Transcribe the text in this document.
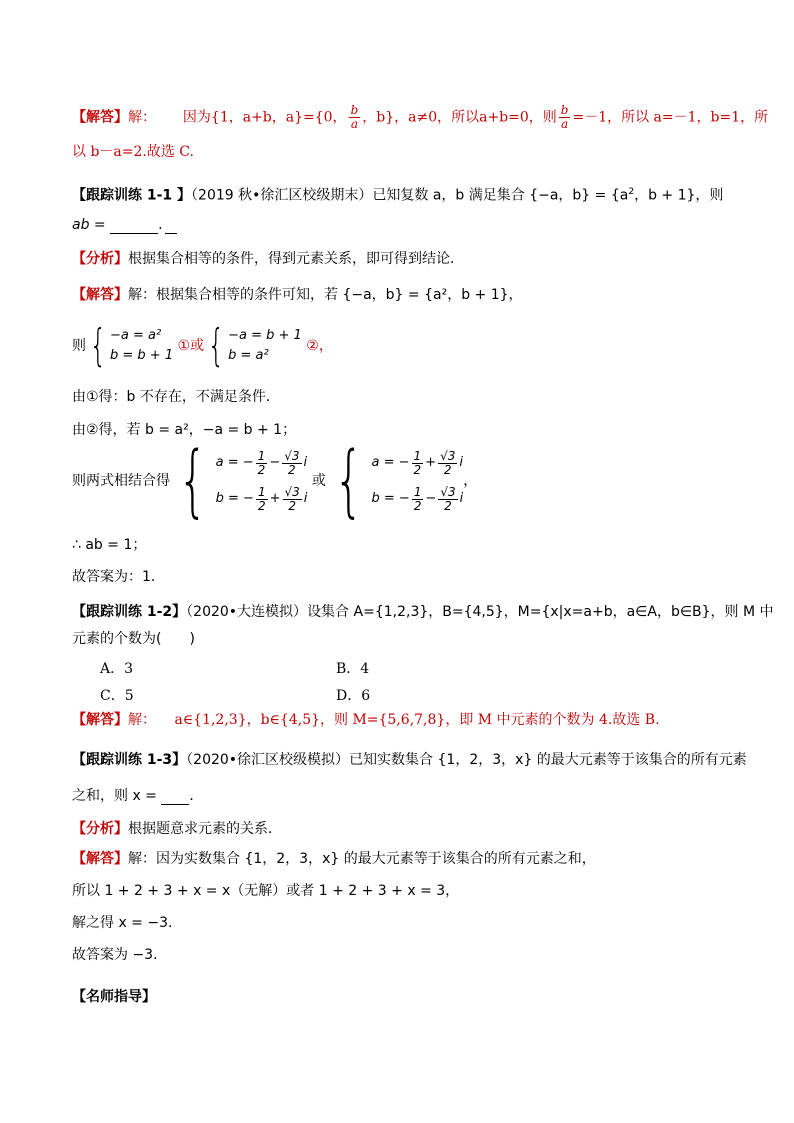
【解答】解： 因为{1，a+b，a}={0， $\frac{b}{a}$ ，b}，a≠0，所以a+b=0，则 $\frac{b}{a} =-1$，所以 a=－1，b=1，所
以 b－a=2.故选 C.
【跟踪训练 1-1 】（2019 秋•徐汇区校级期末）已知复数 a，b 满足集合 {−a，$b\} = \{a^2$，b + 1}，则
ab =	.
【分析】根据集合相等的条件，得到元素关系，即可得到结论．
【解答】解：根据集合相等的条件可知，若 {−a，b} = {a²，b + 1}，
则{ −a = a²
b = b + 1
①或{ −a = b + 1
b = a²
②，
由①得：b 不存在，不满足条件．
由②得，若 b = a²，−a = b + 1；
则两式相结合得 { a = − $\frac{1}{2} - \frac{√3}{2}$ i
b = − $\frac{1}{2} + \frac{√3}{2}$ i
或 { a = − $\frac{1}{2} + \frac{√3}{2}$ i
b = − $\frac{1}{2} - \frac{√3}{2}$ i
，
∴ ab = 1；
故答案为：1．
【跟踪训练 1-2】（2020•大连模拟）设集合 A={1,2,3}，B={4,5}，M={x|x=a+b，a∈A，b∈B}，则 M 中
元素的个数为(　　)
A．3	B．4
C．5	D．6
【解答】解： a∈{1,2,3}，b∈{4,5}，则 M={5,6,7,8}，即 M 中元素的个数为 4.故选 B.
【跟踪训练 1-3】（2020•徐汇区校级模拟）已知实数集合 {1，2，3，x} 的最大元素等于该集合的所有元素
之和，则 x = ．
【分析】根据题意求元素的关系．
【解答】解：因为实数集合 {1，2，3，x} 的最大元素等于该集合的所有元素之和，
所以 1 + 2 + 3 + x = x（无解）或者 1 + 2 + 3 + x = 3，
解之得 x = −3．
故答案为 −3．
【名师指导】
